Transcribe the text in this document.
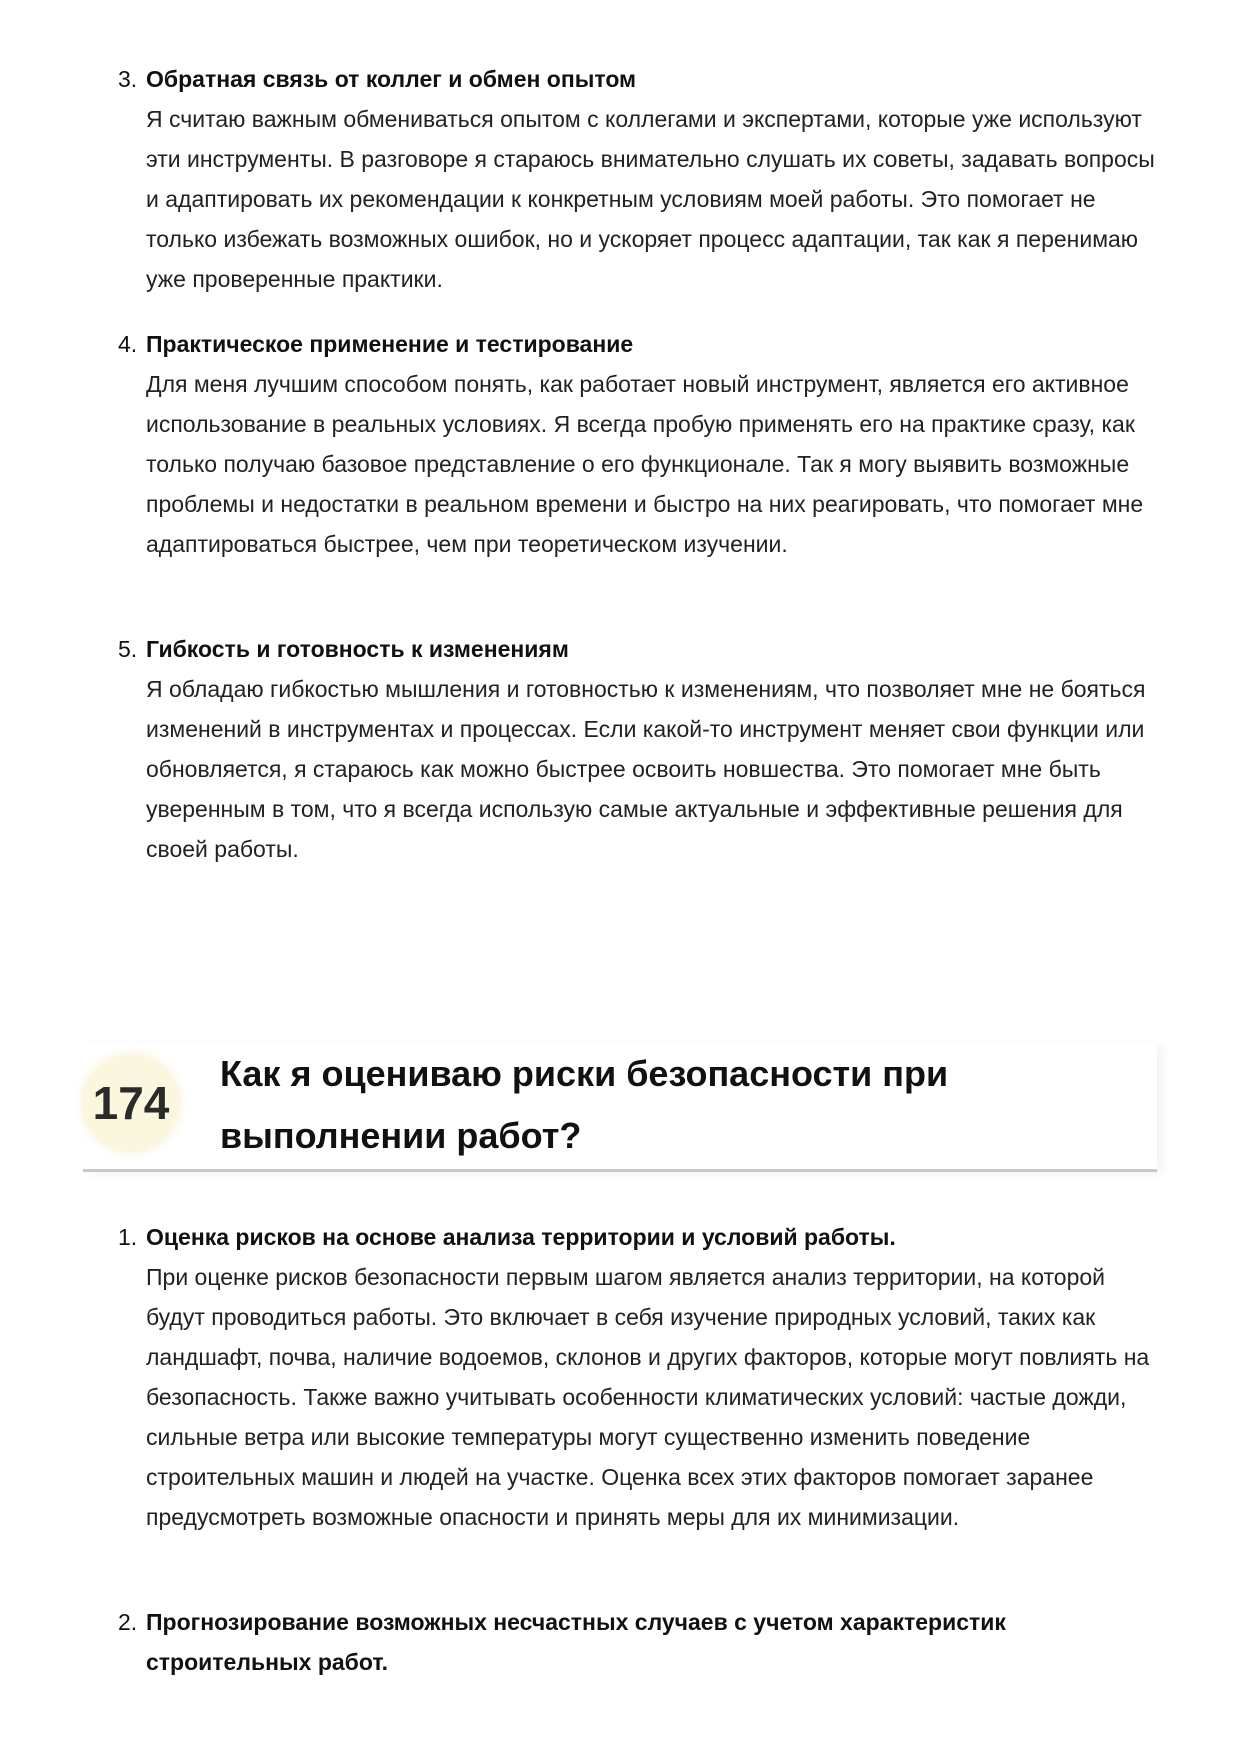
3. Обратная связь от коллег и обмен опытом

Я считаю важным обмениваться опытом с коллегами и экспертами, которые уже используют эти инструменты. В разговоре я стараюсь внимательно слушать их советы, задавать вопросы и адаптировать их рекомендации к конкретным условиям моей работы. Это помогает не только избежать возможных ошибок, но и ускоряет процесс адаптации, так как я перенимаю уже проверенные практики.

4. Практическое применение и тестирование

Для меня лучшим способом понять, как работает новый инструмент, является его активное использование в реальных условиях. Я всегда пробую применять его на практике сразу, как только получаю базовое представление о его функционале. Так я могу выявить возможные проблемы и недостатки в реальном времени и быстро на них реагировать, что помогает мне адаптироваться быстрее, чем при теоретическом изучении.

5. Гибкость и готовность к изменениям

Я обладаю гибкостью мышления и готовностью к изменениям, что позволяет мне не бояться изменений в инструментах и процессах. Если какой-то инструмент меняет свои функции или обновляется, я стараюсь как можно быстрее освоить новшества. Это помогает мне быть уверенным в том, что я всегда использую самые актуальные и эффективные решения для своей работы.

174
Как я оцениваю риски безопасности при выполнении работ?
1. Оценка рисков на основе анализа территории и условий работы.

При оценке рисков безопасности первым шагом является анализ территории, на которой будут проводиться работы. Это включает в себя изучение природных условий, таких как ландшафт, почва, наличие водоемов, склонов и других факторов, которые могут повлиять на безопасность. Также важно учитывать особенности климатических условий: частые дожди, сильные ветра или высокие температуры могут существенно изменить поведение строительных машин и людей на участке. Оценка всех этих факторов помогает заранее предусмотреть возможные опасности и принять меры для их минимизации.

2. Прогнозирование возможных несчастных случаев с учетом характеристик строительных работ.
